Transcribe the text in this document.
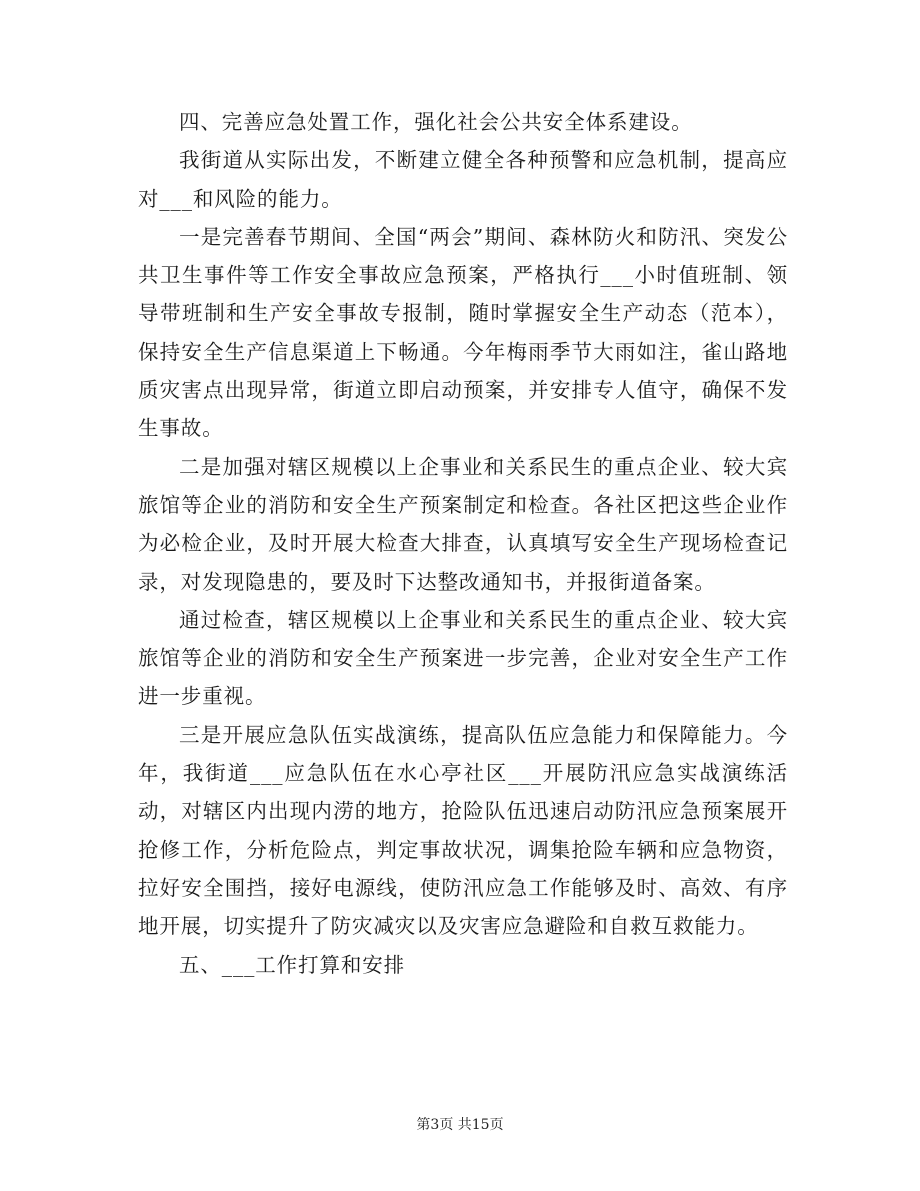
四、完善应急处置工作，强化社会公共安全体系建设。

我街道从实际出发，不断建立健全各种预警和应急机制，提高应对___和风险的能力。

一是完善春节期间、全国“两会”期间、森林防火和防汛、突发公共卫生事件等工作安全事故应急预案，严格执行___小时值班制、领导带班制和生产安全事故专报制，随时掌握安全生产动态（范本），保持安全生产信息渠道上下畅通。今年梅雨季节大雨如注，雀山路地质灾害点出现异常，街道立即启动预案，并安排专人值守，确保不发生事故。

二是加强对辖区规模以上企事业和关系民生的重点企业、较大宾旅馆等企业的消防和安全生产预案制定和检查。各社区把这些企业作为必检企业，及时开展大检查大排查，认真填写安全生产现场检查记录，对发现隐患的，要及时下达整改通知书，并报街道备案。

通过检查，辖区规模以上企事业和关系民生的重点企业、较大宾旅馆等企业的消防和安全生产预案进一步完善，企业对安全生产工作进一步重视。

三是开展应急队伍实战演练，提高队伍应急能力和保障能力。今年，我街道___应急队伍在水心亭社区___开展防汛应急实战演练活动，对辖区内出现内涝的地方，抢险队伍迅速启动防汛应急预案展开抢修工作，分析危险点，判定事故状况，调集抢险车辆和应急物资，拉好安全围挡，接好电源线，使防汛应急工作能够及时、高效、有序地开展，切实提升了防灾减灾以及灾害应急避险和自救互救能力。

五、___工作打算和安排

第3页 共15页
